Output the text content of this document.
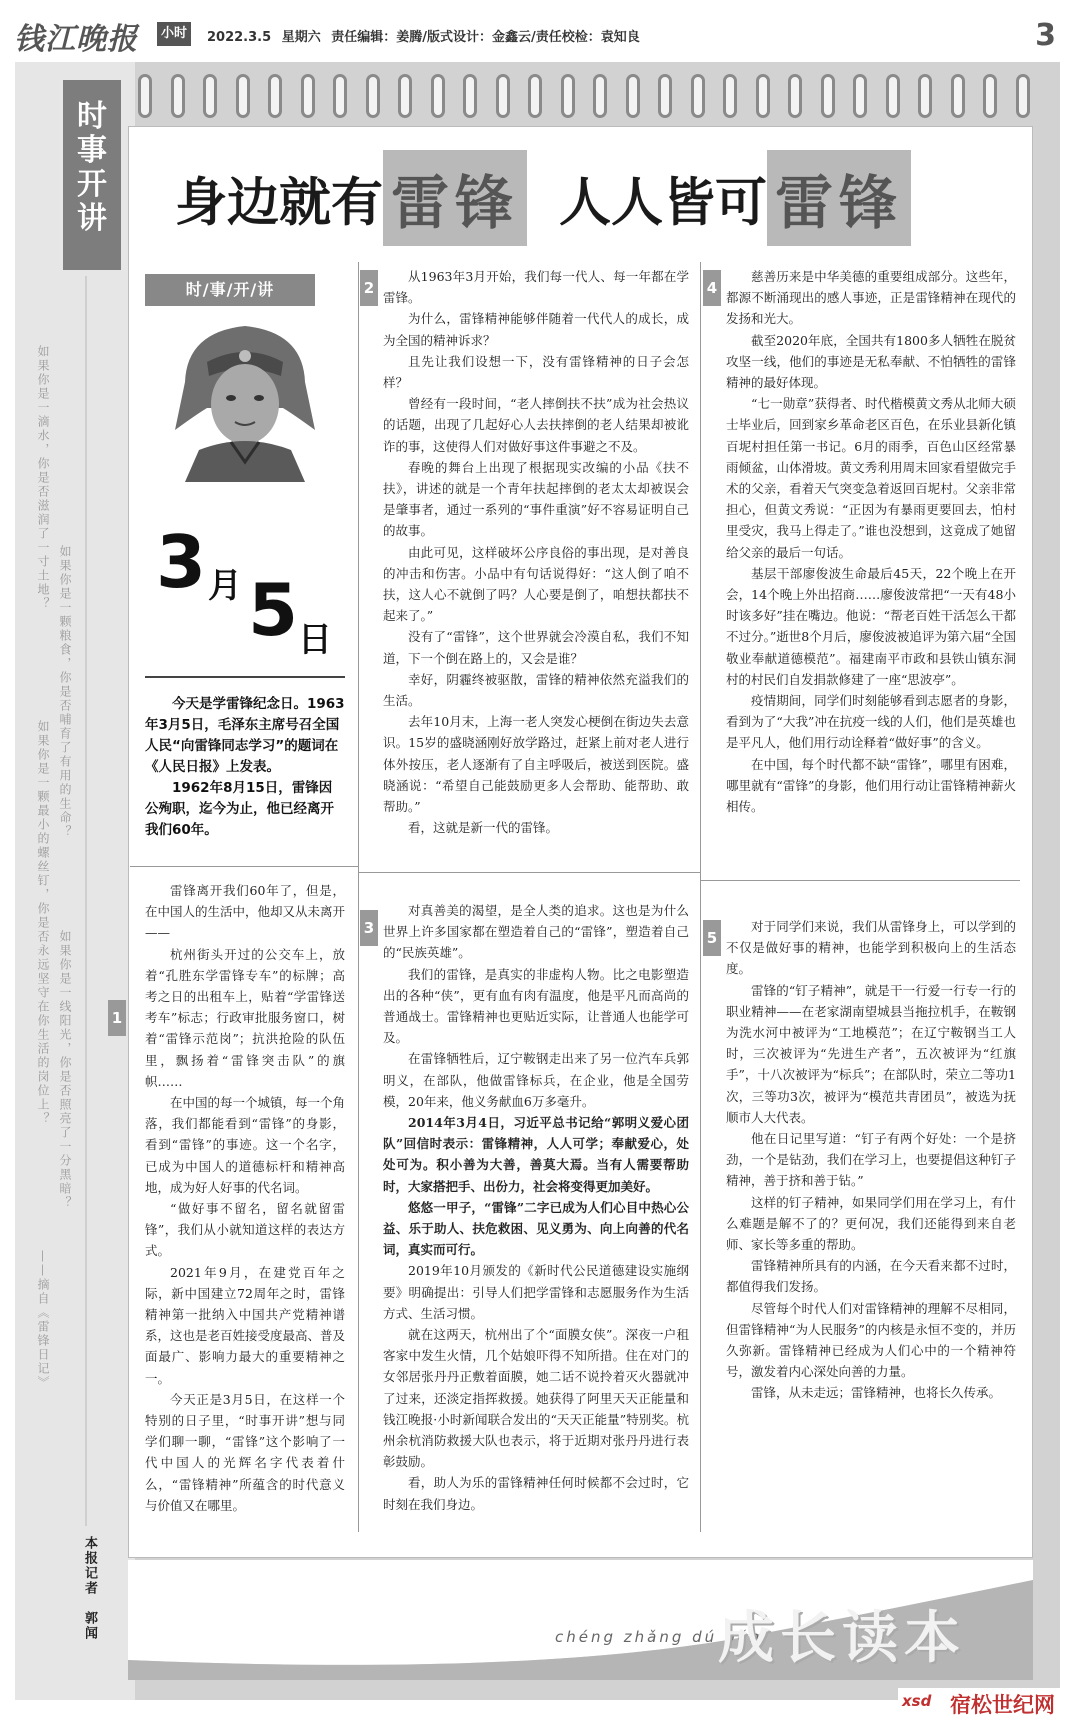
钱江晚报	小时	2022.3.5 星期六 责任编辑：姜腾/版式设计：金鑫云/责任校检：袁知良	3
时
事
开
讲
如果你是一滴水，你是否滋润了一寸土地？
如果你是一颗粮食，你是否哺育了有用的生命？
如果你是一颗最小的螺丝钉，你是否永远坚守在你生活的岗位上？ 如果你是一线阳光，你是否照亮了一分黑暗？
——摘自《雷锋日记》
本报记者　郭闻
身边就有 雷锋 人人皆可 雷锋
时/事/开/讲
3 月 5 日

今天是学雷锋纪念日。1963年3月5日，毛泽东主席号召全国人民“向雷锋同志学习”的题词在《人民日报》上发表。

1962年8月15日，雷锋因公殉职，迄今为止，他已经离开我们60年。

1

雷锋离开我们60年了，但是，在中国人的生活中，他却又从未离开——

杭州街头开过的公交车上，放着“孔胜东学雷锋专车”的标牌；高考之日的出租车上，贴着“学雷锋送考车”标志；行政审批服务窗口，树着“雷锋示范岗”；抗洪抢险的队伍里，飘扬着“雷锋突击队”的旗帜……

在中国的每一个城镇，每一个角落，我们都能看到“雷锋”的身影，看到“雷锋”的事迹。这一个名字，已成为中国人的道德标杆和精神高地，成为好人好事的代名词。

“做好事不留名，留名就留雷锋”，我们从小就知道这样的表达方式。

2021年9月，在建党百年之际，新中国建立72周年之时，雷锋精神第一批纳入中国共产党精神谱系，这也是老百姓接受度最高、普及面最广、影响力最大的重要精神之一。

今天正是3月5日，在这样一个特别的日子里，“时事开讲”想与同学们聊一聊，“雷锋”这个影响了一代中国人的光辉名字代表着什么，“雷锋精神”所蕴含的时代意义与价值又在哪里。

2

从1963年3月开始，我们每一代人、每一年都在学雷锋。

为什么，雷锋精神能够伴随着一代代人的成长，成为全国的精神诉求？

且先让我们设想一下，没有雷锋精神的日子会怎样？

曾经有一段时间，“老人摔倒扶不扶”成为社会热议的话题，出现了几起好心人去扶摔倒的老人结果却被讹诈的事，这使得人们对做好事这件事避之不及。

春晚的舞台上出现了根据现实改编的小品《扶不扶》，讲述的就是一个青年扶起摔倒的老太太却被误会是肇事者，通过一系列的“事件重演”好不容易证明自己的故事。

由此可见，这样破坏公序良俗的事出现，是对善良的冲击和伤害。小品中有句话说得好：“这人倒了咱不扶，这人心不就倒了吗？人心要是倒了，咱想扶都扶不起来了。”

没有了“雷锋”，这个世界就会冷漠自私，我们不知道，下一个倒在路上的，又会是谁？

幸好，阴霾终被驱散，雷锋的精神依然充溢我们的生活。

去年10月末，上海一老人突发心梗倒在街边失去意识。15岁的盛晓涵刚好放学路过，赶紧上前对老人进行体外按压，老人逐渐有了自主呼吸后，被送到医院。盛晓涵说：“希望自己能鼓励更多人会帮助、能帮助、敢帮助。”

看，这就是新一代的雷锋。

3

对真善美的渴望，是全人类的追求。这也是为什么世界上许多国家都在塑造着自己的“雷锋”，塑造着自己的“民族英雄”。

我们的雷锋，是真实的非虚构人物。比之电影塑造出的各种“侠”，更有血有肉有温度，他是平凡而高尚的普通战士。雷锋精神也更贴近实际，让普通人也能学可及。

在雷锋牺牲后，辽宁鞍钢走出来了另一位汽车兵郭明义，在部队，他做雷锋标兵，在企业，他是全国劳模，20年来，他义务献血6万多毫升。

2014年3月4日，习近平总书记给“郭明义爱心团队”回信时表示：雷锋精神，人人可学；奉献爱心，处处可为。积小善为大善，善莫大焉。当有人需要帮助时，大家搭把手、出份力，社会将变得更加美好。

悠悠一甲子，“雷锋”二字已成为人们心目中热心公益、乐于助人、扶危救困、见义勇为、向上向善的代名词，真实而可行。

2019年10月颁发的《新时代公民道德建设实施纲要》明确提出：引导人们把学雷锋和志愿服务作为生活方式、生活习惯。

就在这两天，杭州出了个“面膜女侠”。深夜一户租客家中发生火情，几个姑娘吓得不知所措。住在对门的女邻居张丹丹正敷着面膜，她二话不说拎着灭火器就冲了过来，还淡定指挥救援。她获得了阿里天天正能量和钱江晚报·小时新闻联合发出的“天天正能量”特别奖。杭州余杭消防救援大队也表示，将于近期对张丹丹进行表彰鼓励。

看，助人为乐的雷锋精神任何时候都不会过时，它时刻在我们身边。

4

慈善历来是中华美德的重要组成部分。这些年，都源不断涌现出的感人事迹，正是雷锋精神在现代的发扬和光大。

截至2020年底，全国共有1800多人牺牲在脱贫攻坚一线，他们的事迹是无私奉献、不怕牺牲的雷锋精神的最好体现。

“七一勋章”获得者、时代楷模黄文秀从北师大硕士毕业后，回到家乡革命老区百色，在乐业县新化镇百坭村担任第一书记。6月的雨季，百色山区经常暴雨倾盆，山体滑坡。黄文秀利用周末回家看望做完手术的父亲，看着天气突变急着返回百坭村。父亲非常担心，但黄文秀说：“正因为有暴雨更要回去，怕村里受灾，我马上得走了。”谁也没想到，这竟成了她留给父亲的最后一句话。

基层干部廖俊波生命最后45天，22个晚上在开会，14个晚上外出招商……廖俊波常把“一天有48小时该多好”挂在嘴边。他说：“帮老百姓干活怎么干都不过分。”逝世8个月后，廖俊波被追评为第六届“全国敬业奉献道德模范”。福建南平市政和县铁山镇东洞村的村民们自发捐款修建了一座“思波亭”。

疫情期间，同学们时刻能够看到志愿者的身影，看到为了“大我”冲在抗疫一线的人们，他们是英雄也是平凡人，他们用行动诠释着“做好事”的含义。

在中国，每个时代都不缺“雷锋”，哪里有困难，哪里就有“雷锋”的身影，他们用行动让雷锋精神薪火相传。

5

对于同学们来说，我们从雷锋身上，可以学到的不仅是做好事的精神，也能学到积极向上的生活态度。

雷锋的“钉子精神”，就是干一行爱一行专一行的职业精神——在老家湖南望城县当拖拉机手，在鞍钢为洗水河中被评为“工地模范”；在辽宁鞍钢当工人时，三次被评为“先进生产者”，五次被评为“红旗手”，十八次被评为“标兵”；在部队时，荣立二等功1次，三等功3次，被评为“模范共青团员”，被选为抚顺市人大代表。

他在日记里写道：“钉子有两个好处：一个是挤劲，一个是钻劲，我们在学习上，也要提倡这种钉子精神，善于挤和善于钻。”

这样的钉子精神，如果同学们用在学习上，有什么难题是解不了的？更何况，我们还能得到来自老师、家长等多重的帮助。

雷锋精神所具有的内涵，在今天看来都不过时，都值得我们发扬。

尽管每个时代人们对雷锋精神的理解不尽相同，但雷锋精神“为人民服务”的内核是永恒不变的，并历久弥新。雷锋精神已经成为人们心中的一个精神符号，激发着内心深处向善的力量。

雷锋，从未走远；雷锋精神，也将长久传承。

chéng zhǎng dú běn
成长读本
xsd 宿松世纪网
